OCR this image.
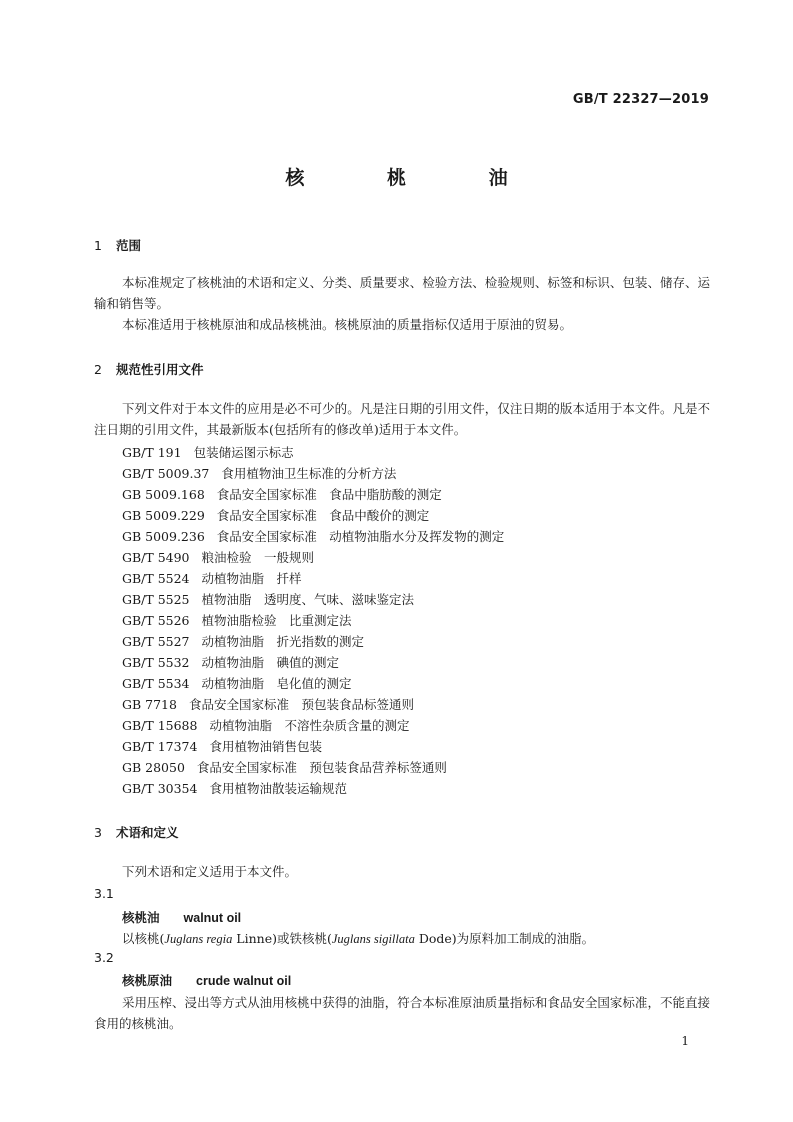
GB/T 22327—2019
核 桃 油
1 范围
本标准规定了核桃油的术语和定义、分类、质量要求、检验方法、检验规则、标签和标识、包装、储存、运输和销售等。
本标准适用于核桃原油和成品核桃油。核桃原油的质量指标仅适用于原油的贸易。
2 规范性引用文件
下列文件对于本文件的应用是必不可少的。凡是注日期的引用文件，仅注日期的版本适用于本文件。凡是不注日期的引用文件，其最新版本(包括所有的修改单)适用于本文件。
GB/T 191 包装储运图示标志
GB/T 5009.37 食用植物油卫生标准的分析方法
GB 5009.168 食品安全国家标准　食品中脂肪酸的测定
GB 5009.229 食品安全国家标准　食品中酸价的测定
GB 5009.236 食品安全国家标准　动植物油脂水分及挥发物的测定
GB/T 5490 粮油检验　一般规则
GB/T 5524 动植物油脂　扦样
GB/T 5525 植物油脂　透明度、气味、滋味鉴定法
GB/T 5526 植物油脂检验　比重测定法
GB/T 5527 动植物油脂　折光指数的测定
GB/T 5532 动植物油脂　碘值的测定
GB/T 5534 动植物油脂　皂化值的测定
GB 7718 食品安全国家标准　预包装食品标签通则
GB/T 15688 动植物油脂　不溶性杂质含量的测定
GB/T 17374 食用植物油销售包装
GB 28050 食品安全国家标准　预包装食品营养标签通则
GB/T 30354 食用植物油散装运输规范
3 术语和定义
下列术语和定义适用于本文件。
3.1
核桃油 walnut oil
以核桃(Juglans regia Linne)或铁核桃(Juglans sigillata Dode)为原料加工制成的油脂。
3.2
核桃原油 crude walnut oil
采用压榨、浸出等方式从油用核桃中获得的油脂，符合本标准原油质量指标和食品安全国家标准，不能直接食用的核桃油。
1
